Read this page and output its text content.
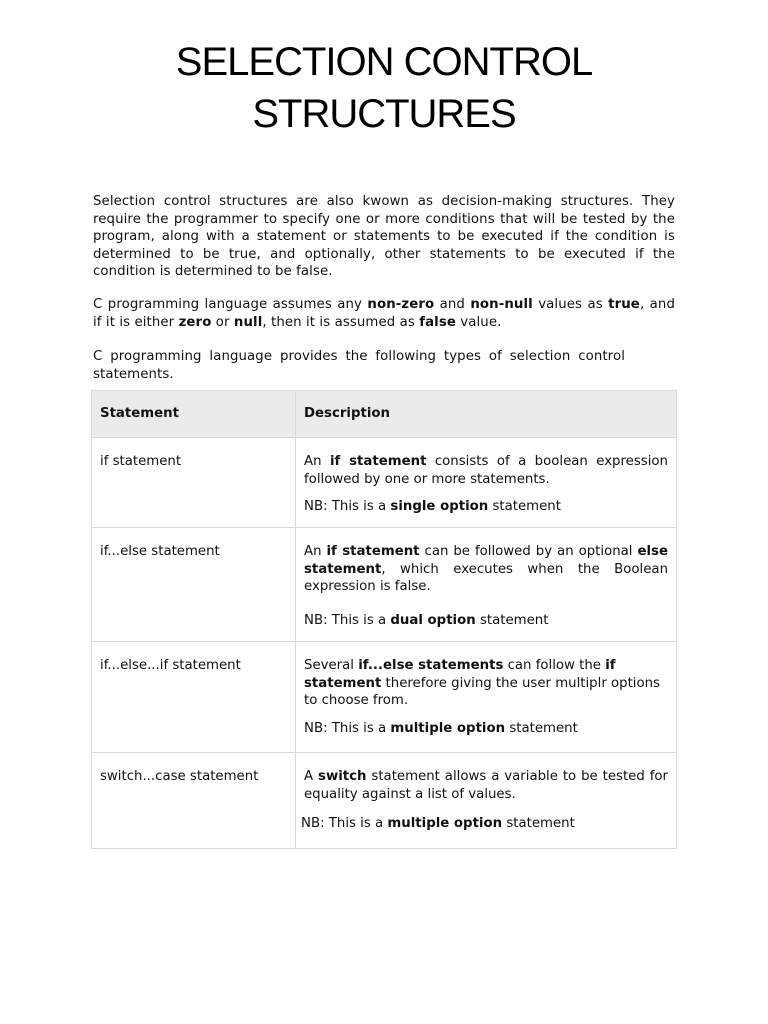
SELECTION CONTROL
STRUCTURES

Selection control structures are also kwown as decision-making structures. They require the programmer to specify one or more conditions that will be tested by the program, along with a statement or statements to be executed if the condition is determined to be true, and optionally, other statements to be executed if the condition is determined to be false.

C programming language assumes any non-zero and non-null values as true, and if it is either zero or null, then it is assumed as false value.

C programming language provides the following types of selection control statements.

Statement	Description
if statement	An if statement consists of a boolean expression followed by one or more statements.

NB: This is a single option statement

if...else statement	An if statement can be followed by an optional else statement, which executes when the Boolean expression is false.

NB: This is a dual option statement

if...else...if statement	Several if...else statements can follow the if statement therefore giving the user multiplr options to choose from.

NB: This is a multiple option statement

switch...case statement	A switch statement allows a variable to be tested for equality against a list of values.

NB: This is a multiple option statement
